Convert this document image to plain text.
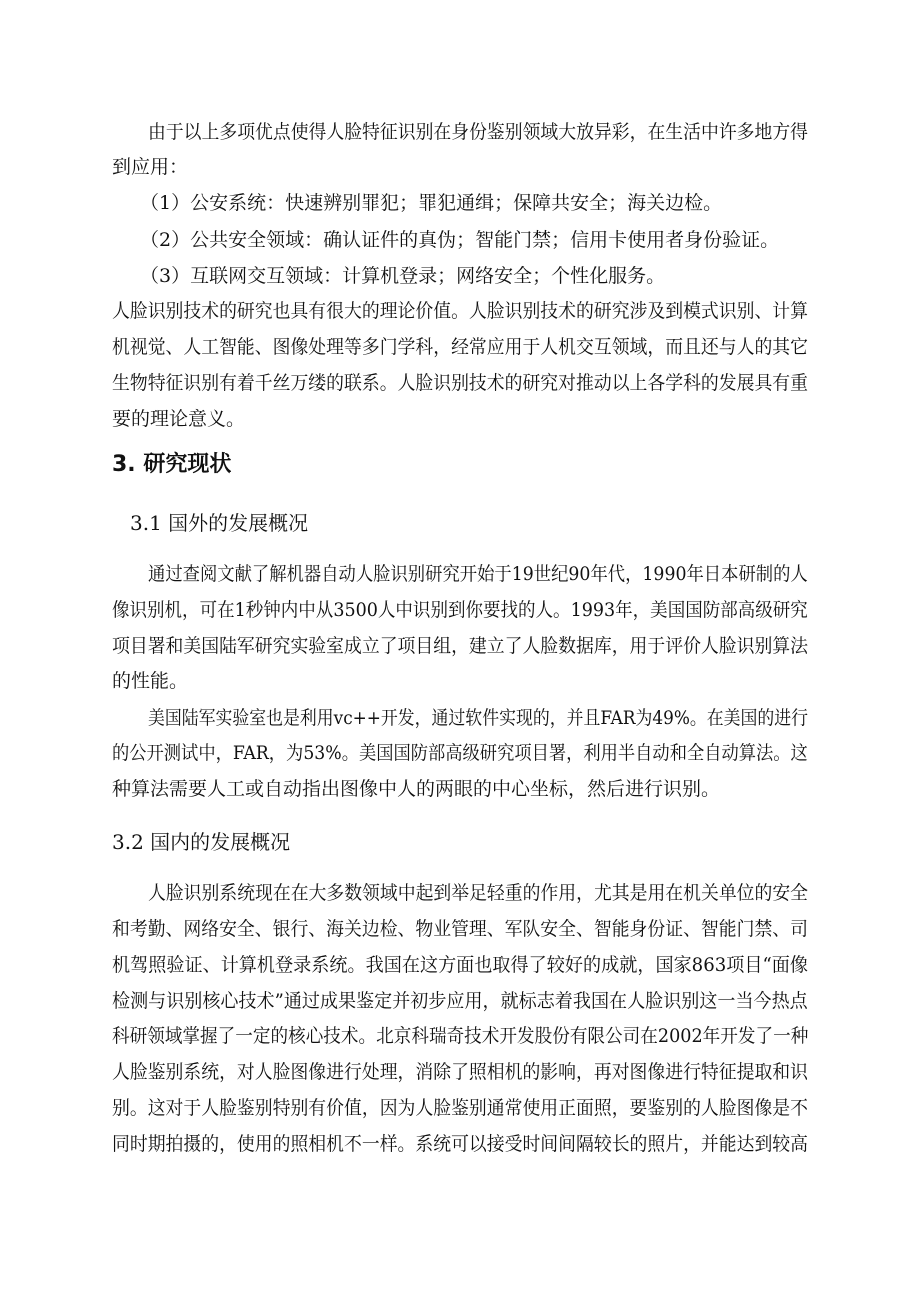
由于以上多项优点使得人脸特征识别在身份鉴别领域大放异彩，在生活中许多地方得
到应用：
（1）公安系统：快速辨别罪犯；罪犯通缉；保障共安全；海关边检。
（2）公共安全领域：确认证件的真伪；智能门禁；信用卡使用者身份验证。
（3）互联网交互领域：计算机登录；网络安全；个性化服务。
人脸识别技术的研究也具有很大的理论价值。人脸识别技术的研究涉及到模式识别、计算
机视觉、人工智能、图像处理等多门学科，经常应用于人机交互领域，而且还与人的其它
生物特征识别有着千丝万缕的联系。人脸识别技术的研究对推动以上各学科的发展具有重
要的理论意义。
3. 研究现状
3.1 国外的发展概况
通过查阅文献了解机器自动人脸识别研究开始于19世纪90年代，1990年日本研制的人
像识别机，可在1秒钟内中从3500人中识别到你要找的人。1993年，美国国防部高级研究
项目署和美国陆军研究实验室成立了项目组，建立了人脸数据库，用于评价人脸识别算法
的性能。
美国陆军实验室也是利用vc++开发，通过软件实现的，并且FAR为49%。在美国的进行
的公开测试中，FAR，为53%。美国国防部高级研究项目署，利用半自动和全自动算法。这
种算法需要人工或自动指出图像中人的两眼的中心坐标，然后进行识别。
3.2 国内的发展概况
人脸识别系统现在在大多数领域中起到举足轻重的作用，尤其是用在机关单位的安全
和考勤、网络安全、银行、海关边检、物业管理、军队安全、智能身份证、智能门禁、司
机驾照验证、计算机登录系统。我国在这方面也取得了较好的成就，国家863项目“面像
检测与识别核心技术”通过成果鉴定并初步应用，就标志着我国在人脸识别这一当今热点
科研领域掌握了一定的核心技术。北京科瑞奇技术开发股份有限公司在2002年开发了一种
人脸鉴别系统，对人脸图像进行处理，消除了照相机的影响，再对图像进行特征提取和识
别。这对于人脸鉴别特别有价值，因为人脸鉴别通常使用正面照，要鉴别的人脸图像是不
同时期拍摄的，使用的照相机不一样。系统可以接受时间间隔较长的照片，并能达到较高
